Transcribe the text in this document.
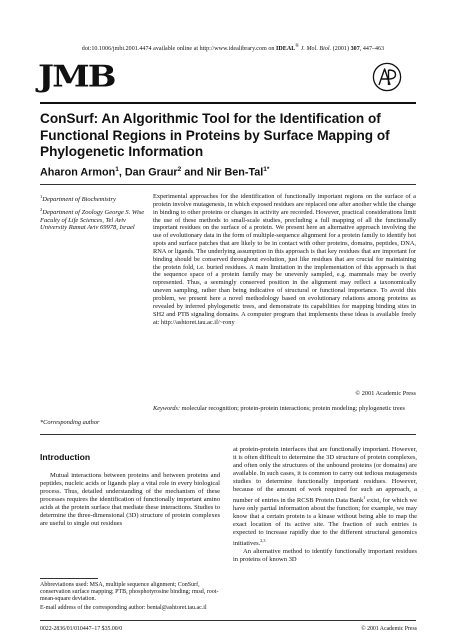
doi:10.1006/jmbi.2001.4474 available online at http://www.idealibrary.com on IDEAL® J. Mol. Biol. (2001) 307, 447–463
JMB	AP
ConSurf: An Algorithmic Tool for the Identification of Functional Regions in Proteins by Surface Mapping of Phylogenetic Information
Aharon Armon$^1$, Dan Graur$^2$ and Nir Ben-Tal$^{1*}$
$^1$Department of Biochemistry
$^2$Department of Zoology George S. Wise Faculty of Life Sciences, Tel Aviv University Ramat Aviv 69978, Israel
Experimental approaches for the identification of functionally important regions on the surface of a protein involve mutagenesis, in which exposed residues are replaced one after another while the change in binding to other proteins or changes in activity are recorded. However, practical considerations limit the use of these methods to small-scale studies, precluding a full mapping of all the functionally important residues on the surface of a protein. We present here an alternative approach involving the use of evolutionary data in the form of multiple-sequence alignment for a protein family to identify hot spots and surface patches that are likely to be in contact with other proteins, domains, peptides, DNA, RNA or ligands. The underlying assumption in this approach is that key residues that are important for binding should be conserved throughout evolution, just like residues that are crucial for maintaining the protein fold, i.e. buried residues. A main limitation in the implementation of this approach is that the sequence space of a protein family may be unevenly sampled, e.g. mammals may be overly represented. Thus, a seemingly conserved position in the alignment may reflect a taxonomically uneven sampling, rather than being indicative of structural or functional importance. To avoid this problem, we present here a novel methodology based on evolutionary relations among proteins as revealed by inferred phylogenetic trees, and demonstrate its capabilities for mapping binding sites in SH2 and PTB signaling domains. A computer program that implements these ideas is available freely at: http://ashtoret.tau.ac.il/~rony
© 2001 Academic Press
Keywords: molecular recognition; protein-protein interactions; protein modeling; phylogenetic trees
*Corresponding author
Introduction
Mutual interactions between proteins and between proteins and peptides, nucleic acids or ligands play a vital role in every biological process. Thus, detailed understanding of the mechanism of these processes requires the identification of functionally important amino acids at the protein surface that mediate these interactions. Studies to determine the three-dimensional (3D) structure of protein complexes are useful to single out residues

at protein-protein interfaces that are functionally important. However, it is often difficult to determine the 3D structure of protein complexes, and often only the structures of the unbound proteins (or domains) are available. In such cases, it is common to carry out tedious mutagenesis studies to determine functionally important residues. However, because of the amount of work required for such an approach, a number of entries in the RCSB Protein Data Bank$^1$ exist, for which we have only partial information about the function; for example, we may know that a certain protein is a kinase without being able to map the exact location of its active site. The fraction of such entries is expected to increase rapidly due to the different structural genomics initiatives.$^{2,3}$

An alternative method to identify functionally important residues in proteins of known 3D

Abbreviations used: MSA, multiple sequence alignment; ConSurf, conservation surface mapping; PTB, phosphotyrosine binding; rmsd, root-mean-square deviation.

E-mail address of the corresponding author: bental@ashtoret.tau.ac.il

0022-2836/01/010447–17 $35.00/0	© 2001 Academic Press
